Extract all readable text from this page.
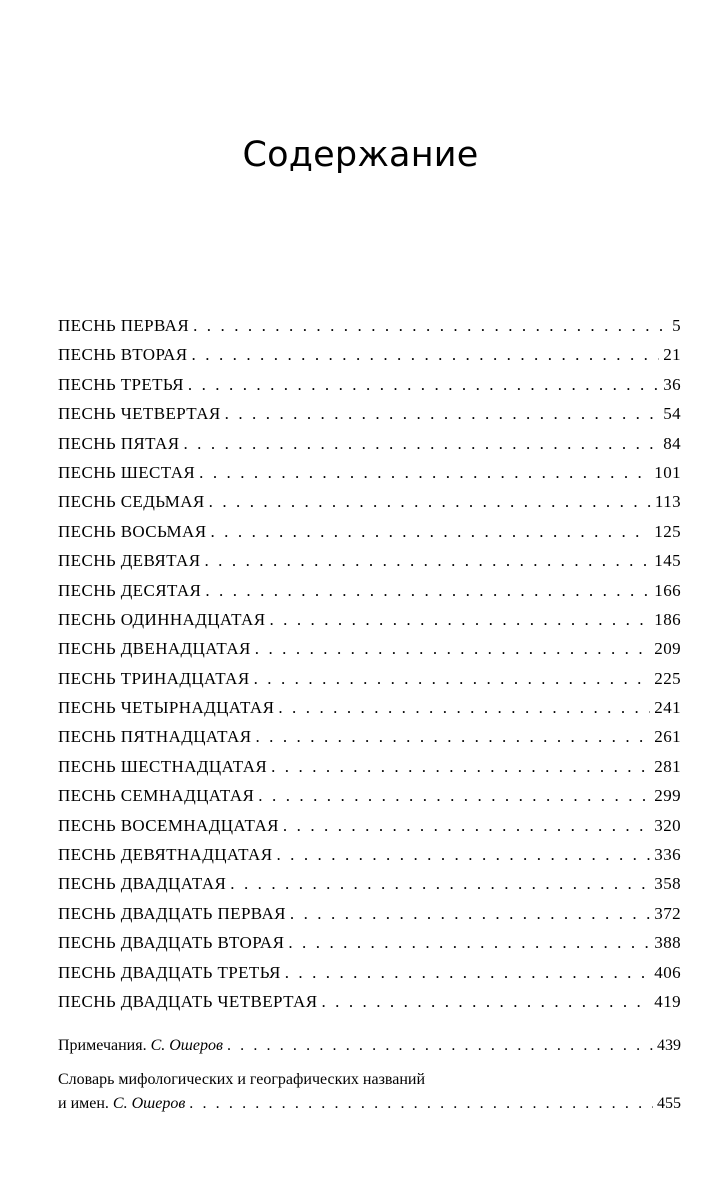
Содержание
ПЕСНЬ ПЕРВАЯ . . .	5
ПЕСНЬ ВТОРАЯ . . .	21
ПЕСНЬ ТРЕТЬЯ . . .	36
ПЕСНЬ ЧЕТВЕРТАЯ . . .	54
ПЕСНЬ ПЯТАЯ . . .	84
ПЕСНЬ ШЕСТАЯ . . .	101
ПЕСНЬ СЕДЬМАЯ . . .	113
ПЕСНЬ ВОСЬМАЯ . . .	125
ПЕСНЬ ДЕВЯТАЯ . . .	145
ПЕСНЬ ДЕСЯТАЯ . . .	166
ПЕСНЬ ОДИННАДЦАТАЯ . . .	186
ПЕСНЬ ДВЕНАДЦАТАЯ . . .	209
ПЕСНЬ ТРИНАДЦАТАЯ . . .	225
ПЕСНЬ ЧЕТЫРНАДЦАТАЯ . . .	241
ПЕСНЬ ПЯТНАДЦАТАЯ . . .	261
ПЕСНЬ ШЕСТНАДЦАТАЯ . . .	281
ПЕСНЬ СЕМНАДЦАТАЯ . . .	299
ПЕСНЬ ВОСЕМНАДЦАТАЯ . . .	320
ПЕСНЬ ДЕВЯТНАДЦАТАЯ . . .	336
ПЕСНЬ ДВАДЦАТАЯ . . .	358
ПЕСНЬ ДВАДЦАТЬ ПЕРВАЯ . . .	372
ПЕСНЬ ДВАДЦАТЬ ВТОРАЯ . . .	388
ПЕСНЬ ДВАДЦАТЬ ТРЕТЬЯ . . .	406
ПЕСНЬ ДВАДЦАТЬ ЧЕТВЕРТАЯ . . .	419
Примечания. С. Ошеров . . .	439
Словарь мифологических и географических названий
и имен. С. Ошеров . . .	455
